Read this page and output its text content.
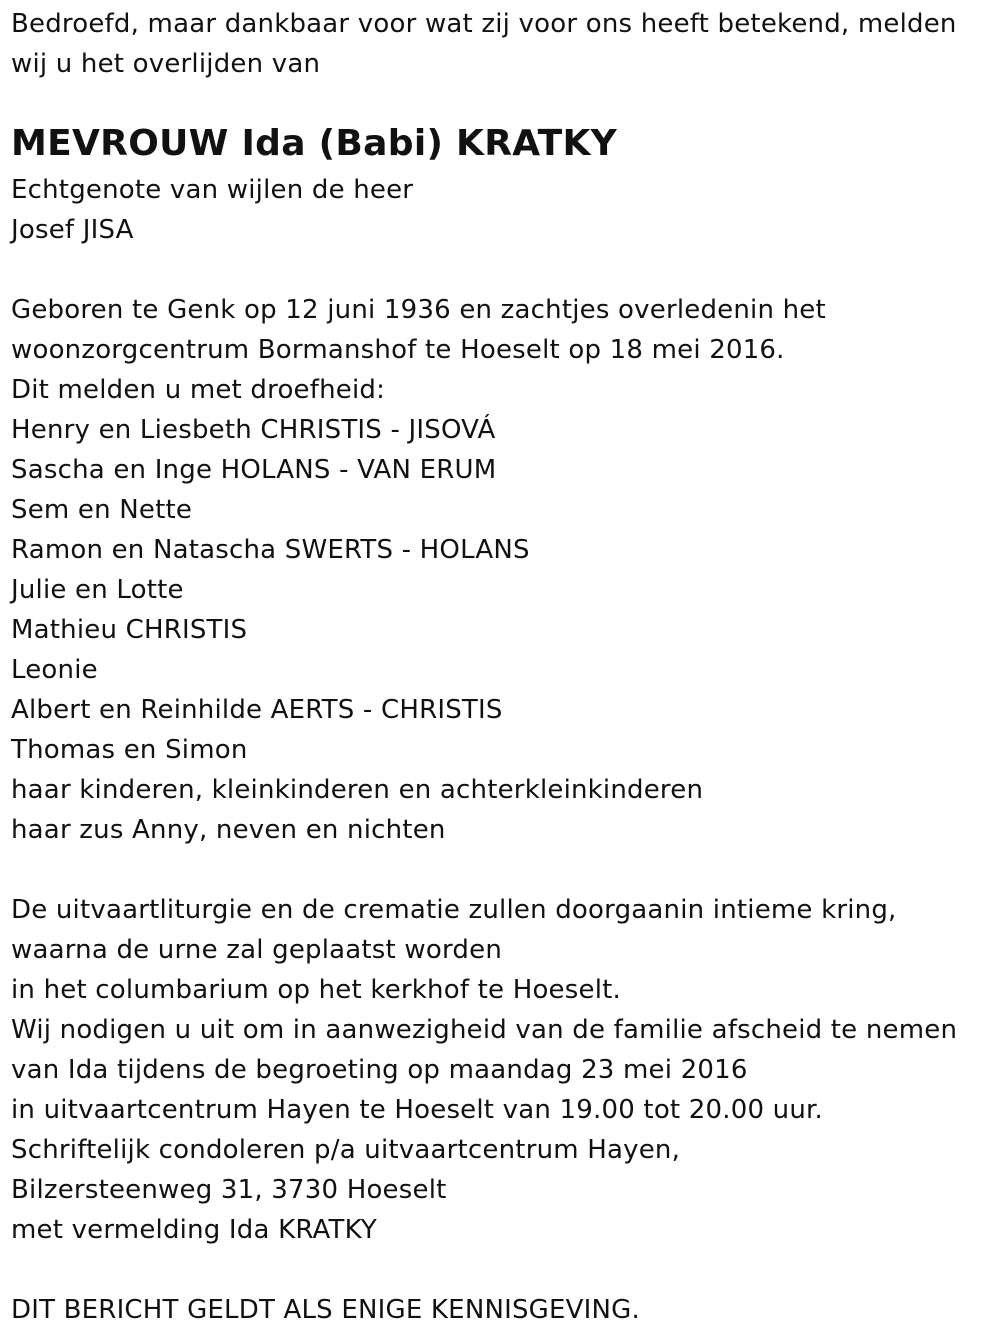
Bedroefd, maar dankbaar voor wat zij voor ons heeft betekend, melden
wij u het overlijden van
MEVROUW Ida (Babi) KRATKY
Echtgenote van wijlen de heer
Josef JISA
Geboren te Genk op 12 juni 1936 en zachtjes overledenin het
woonzorgcentrum Bormanshof te Hoeselt op 18 mei 2016.
Dit melden u met droefheid:
Henry en Liesbeth CHRISTIS - JISOVÁ
Sascha en Inge HOLANS - VAN ERUM
Sem en Nette
Ramon en Natascha SWERTS - HOLANS
Julie en Lotte
Mathieu CHRISTIS
Leonie
Albert en Reinhilde AERTS - CHRISTIS
Thomas en Simon
haar kinderen, kleinkinderen en achterkleinkinderen
haar zus Anny, neven en nichten
De uitvaartliturgie en de crematie zullen doorgaanin intieme kring,
waarna de urne zal geplaatst worden
in het columbarium op het kerkhof te Hoeselt.
Wij nodigen u uit om in aanwezigheid van de familie afscheid te nemen
van Ida tijdens de begroeting op maandag 23 mei 2016
in uitvaartcentrum Hayen te Hoeselt van 19.00 tot 20.00 uur.
Schriftelijk condoleren p/a uitvaartcentrum Hayen,
Bilzersteenweg 31, 3730 Hoeselt
met vermelding Ida KRATKY
DIT BERICHT GELDT ALS ENIGE KENNISGEVING.
